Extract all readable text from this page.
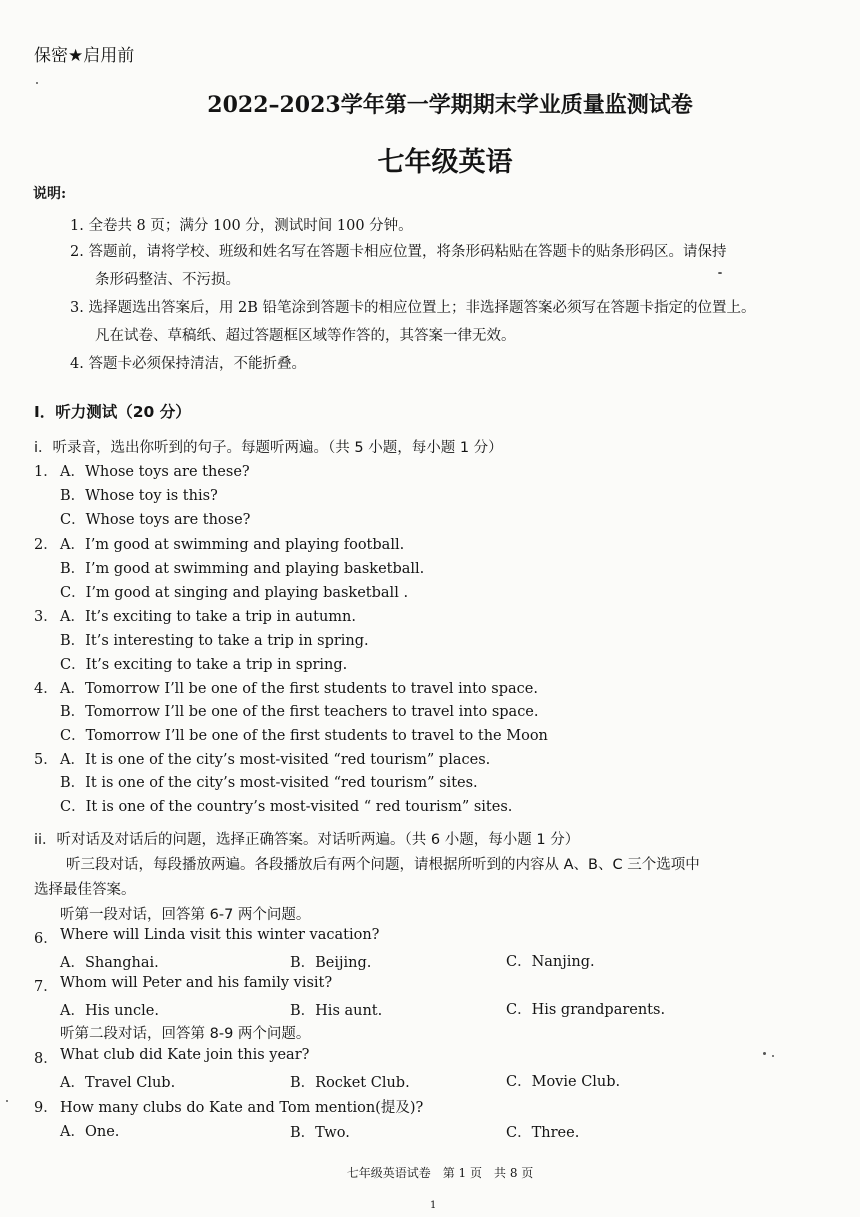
保密★启用前
2022–2023学年第一学期期末学业质量监测试卷
七年级英语
说明:
1. 全卷共 8 页；满分 100 分，测试时间 100 分钟。
2. 答题前，请将学校、班级和姓名写在答题卡相应位置，将条形码粘贴在答题卡的贴条形码区。请保持
条形码整洁、不污损。
3. 选择题选出答案后，用 2B 铅笔涂到答题卡的相应位置上；非选择题答案必须写在答题卡指定的位置上。
凡在试卷、草稿纸、超过答题框区域等作答的，其答案一律无效。
4. 答题卡必须保持清洁，不能折叠。
I．听力测试（20 分）
i．听录音，选出你听到的句子。每题听两遍。（共 5 小题，每小题 1 分）
1． A．Whose toys are these?
B．Whose toy is this?
C．Whose toys are those?
2． A．I’m good at swimming and playing football.
B．I’m good at swimming and playing basketball.
C．I’m good at singing and playing basketball .
3． A．It’s exciting to take a trip in autumn.
B．It’s interesting to take a trip in spring.
C．It’s exciting to take a trip in spring.
4． A．Tomorrow I’ll be one of the first students to travel into space.
B．Tomorrow I’ll be one of the first teachers to travel into space.
C．Tomorrow I’ll be one of the first students to travel to the Moon
5． A．It is one of the city’s most-visited “red tourism” places.
B．It is one of the city’s most-visited “red tourism” sites.
C．It is one of the country’s most-visited “ red tourism” sites.
ii．听对话及对话后的问题，选择正确答案。对话听两遍。（共 6 小题，每小题 1 分）
听三段对话，每段播放两遍。各段播放后有两个问题，请根据所听到的内容从 A、B、C 三个选项中
选择最佳答案。
听第一段对话，回答第 6-7 两个问题。
6． Where will Linda visit this winter vacation?
A．Shanghai.	B．Beijing.	C．Nanjing.
7． Whom will Peter and his family visit?
A．His uncle.	B．His aunt.	C．His grandparents.
听第二段对话，回答第 8-9 两个问题。
8． What club did Kate join this year?
A．Travel Club.	B．Rocket Club.	C．Movie Club.
9． How many clubs do Kate and Tom mention(提及)?
A．One.	B．Two.	C．Three.
七年级英语试卷　第 1 页　共 8 页
1
